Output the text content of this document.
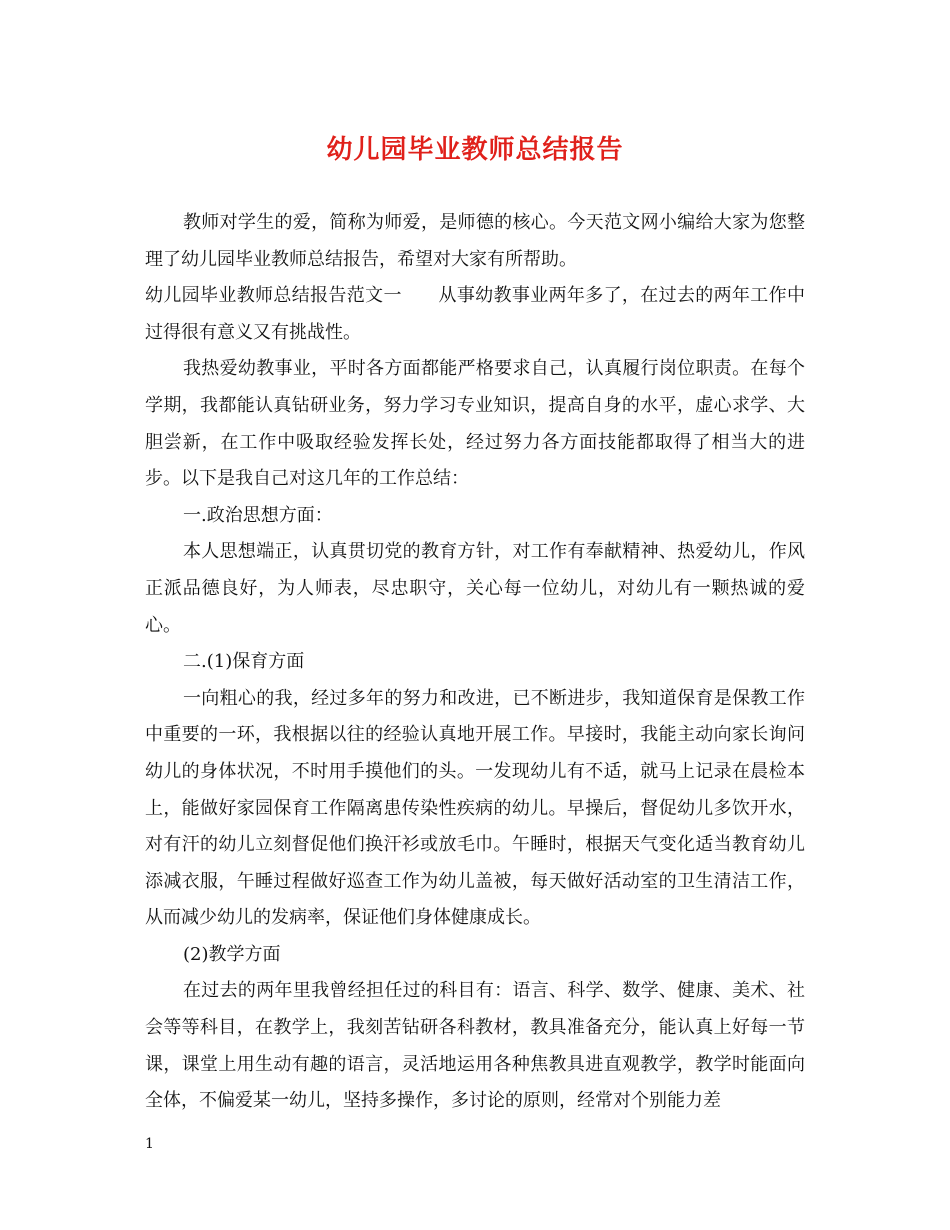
幼儿园毕业教师总结报告

教师对学生的爱，简称为师爱，是师德的核心。今天范文网小编给大家为您整理了幼儿园毕业教师总结报告，希望对大家有所帮助。

幼儿园毕业教师总结报告范文一　　从事幼教事业两年多了，在过去的两年工作中过得很有意义又有挑战性。

我热爱幼教事业，平时各方面都能严格要求自己，认真履行岗位职责。在每个学期，我都能认真钻研业务，努力学习专业知识，提高自身的水平，虚心求学、大胆尝新，在工作中吸取经验发挥长处，经过努力各方面技能都取得了相当大的进步。以下是我自己对这几年的工作总结：

一.政治思想方面：

本人思想端正，认真贯切党的教育方针，对工作有奉献精神、热爱幼儿，作风正派品德良好，为人师表，尽忠职守，关心每一位幼儿，对幼儿有一颗热诚的爱心。

二.(1)保育方面

一向粗心的我，经过多年的努力和改进，已不断进步，我知道保育是保教工作中重要的一环，我根据以往的经验认真地开展工作。早接时，我能主动向家长询问幼儿的身体状况，不时用手摸他们的头。一发现幼儿有不适，就马上记录在晨检本上，能做好家园保育工作隔离患传染性疾病的幼儿。早操后，督促幼儿多饮开水，对有汗的幼儿立刻督促他们换汗衫或放毛巾。午睡时，根据天气变化适当教育幼儿添减衣服，午睡过程做好巡查工作为幼儿盖被，每天做好活动室的卫生清洁工作，从而减少幼儿的发病率，保证他们身体健康成长。

(2)教学方面

在过去的两年里我曾经担任过的科目有：语言、科学、数学、健康、美术、社会等等科目，在教学上，我刻苦钻研各科教材，教具准备充分，能认真上好每一节课，课堂上用生动有趣的语言，灵活地运用各种焦教具进直观教学，教学时能面向全体，不偏爱某一幼儿，坚持多操作，多讨论的原则，经常对个别能力差

1
